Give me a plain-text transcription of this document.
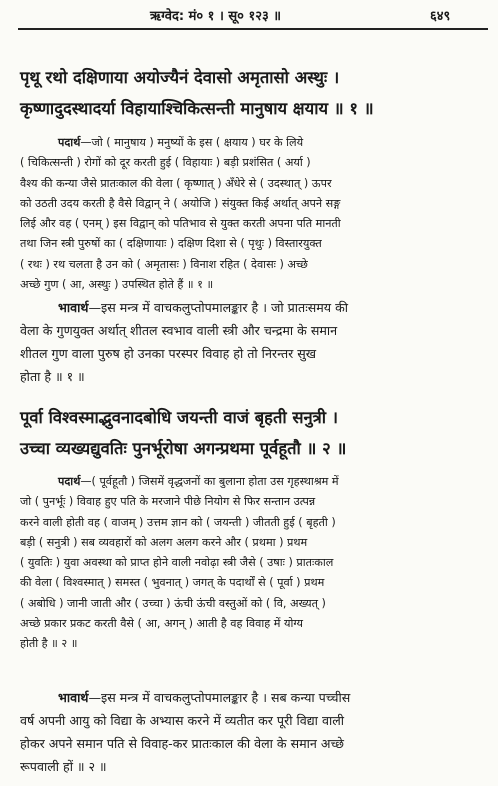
ऋग्वेद: मं० १ । सू० १२३ ॥	६४९
पृथू रथो दक्षिणाया अयोज्यैनं देवासो अमृतासो अस्थुः ।
कृष्णादुदस्थादर्या विहायाश्चिकित्सन्ती मानुषाय क्षयाय ॥ १ ॥
पदार्थ—जो ( मानुषाय ) मनुष्यों के इस ( क्षयाय ) घर के लिये
( चिकित्सन्ती ) रोगों को दूर करती हुई ( विहायाः ) बड़ी प्रशंसित ( अर्या )
वैश्य की कन्या जैसे प्रातःकाल की वेला ( कृष्णात् ) अँधेरे से ( उदस्थात् ) ऊपर
को उठती उदय करती है वैसे विद्वान् ने ( अयोजि ) संयुक्त किई अर्थात् अपने सङ्ग
लिई और वह ( एनम् ) इस विद्वान् को पतिभाव से युक्त करती अपना पति मानती
तथा जिन स्त्री पुरुषों का ( दक्षिणायाः ) दक्षिण दिशा से ( पृथुः ) विस्तारयुक्त
( रथः ) रथ चलता है उन को ( अमृतासः ) विनाश रहित ( देवासः ) अच्छे
अच्छे गुण ( आ, अस्थुः ) उपस्थित होते हैं ॥ १ ॥
भावार्थ—इस मन्त्र में वाचकलुप्तोपमालङ्कार है । जो प्रातःसमय की
वेला के गुणयुक्त अर्थात् शीतल स्वभाव वाली स्त्री और चन्द्रमा के समान
शीतल गुण वाला पुरुष हो उनका परस्पर विवाह हो तो निरन्तर सुख
होता है ॥ १ ॥
पूर्वा विश्वस्माद्भुवनादबोधि जयन्ती वाजं बृहती सनुत्री ।
उच्चा व्यख्यद्युवतिः पुनर्भूरोषा अगन्प्रथमा पूर्वहूतौ ॥ २ ॥
पदार्थ—( पूर्वहूतौ ) जिसमें वृद्धजनों का बुलाना होता उस गृहस्थाश्रम में
जो ( पुनर्भूः ) विवाह हुए पति के मरजाने पीछे नियोग से फिर सन्तान उत्पन्न
करने वाली होती वह ( वाजम् ) उत्तम ज्ञान को ( जयन्ती ) जीतती हुई ( बृहती )
बड़ी ( सनुत्री ) सब व्यवहारों को अलग अलग करने और ( प्रथमा ) प्रथम
( युवतिः ) युवा अवस्था को प्राप्त होने वाली नवोढ़ा स्त्री जैसे ( उषाः ) प्रातःकाल
की वेला ( विश्वस्मात् ) समस्त ( भुवनात् ) जगत् के पदार्थों से ( पूर्वा ) प्रथम
( अबोधि ) जानी जाती और ( उच्चा ) ऊंची ऊंची वस्तुओं को ( वि, अख्यत् )
अच्छे प्रकार प्रकट करती वैसे ( आ, अगन् ) आती है वह विवाह में योग्य
होती है ॥ २ ॥
भावार्थ—इस मन्त्र में वाचकलुप्तोपमालङ्कार है । सब कन्या पच्चीस
वर्ष अपनी आयु को विद्या के अभ्यास करने में व्यतीत कर पूरी विद्या वाली
होकर अपने समान पति से विवाह-कर प्रातःकाल की वेला के समान अच्छे
रूपवाली हों ॥ २ ॥
